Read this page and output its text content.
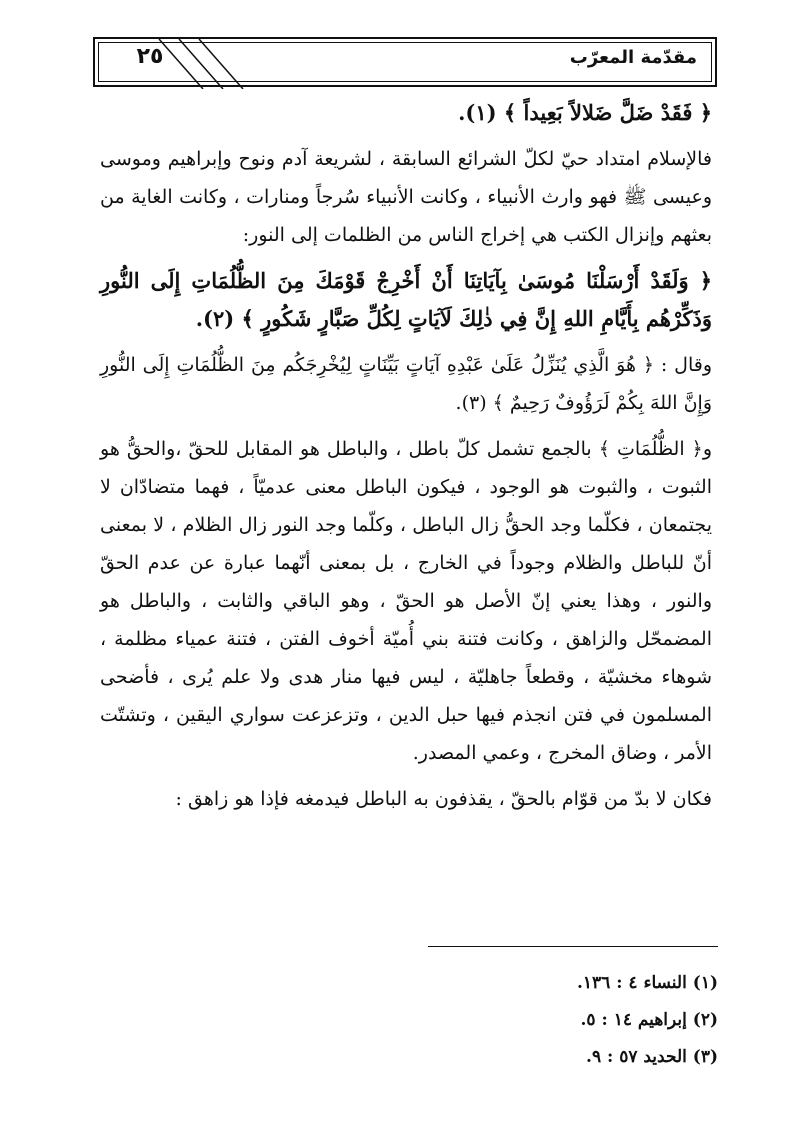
٢٥	مقدّمة المعرّب

﴿ فَقَدْ ضَلَّ ضَلالاً بَعِيداً ﴾ (١).

فالإسلام امتداد حيّ لكلّ الشرائع السابقة ، لشريعة آدم ونوح وإبراهيم وموسى وعيسى ﷺ فهو وارث الأنبياء ، وكانت الأنبياء سُرجاً ومنارات ، وكانت الغاية من بعثهم وإنزال الكتب هي إخراج الناس من الظلمات إلى النور:

﴿ وَلَقَدْ أَرْسَلْنَا مُوسَىٰ بِآيَاتِنَا أَنْ أَخْرِجْ قَوْمَكَ مِنَ الظُّلُمَاتِ إِلَى النُّورِ وَذَكِّرْهُم بِأَيَّامِ اللهِ إِنَّ فِي ذٰلِكَ لَآيَاتٍ لِكُلِّ صَبَّارٍ شَكُورٍ ﴾ (٢).

وقال : ﴿ هُوَ الَّذِي يُنَزِّلُ عَلَىٰ عَبْدِهِ آيَاتٍ بَيِّنَاتٍ لِيُخْرِجَكُم مِنَ الظُّلُمَاتِ إِلَى النُّورِ وَإِنَّ اللهَ بِكُمْ لَرَؤُوفٌ رَحِيمٌ ﴾ (٣).

و﴿ الظُّلُمَاتِ ﴾ بالجمع تشمل كلّ باطل ، والباطل هو المقابل للحقّ ،والحقُّ هو الثبوت ، والثبوت هو الوجود ، فيكون الباطل معنى عدميّاً ، فهما متضادّان لا يجتمعان ، فكلّما وجد الحقُّ زال الباطل ، وكلّما وجد النور زال الظلام ، لا بمعنى أنّ للباطل والظلام وجوداً في الخارج ، بل بمعنى أنّهما عبارة عن عدم الحقّ والنور ، وهذا يعني إنّ الأصل هو الحقّ ، وهو الباقي والثابت ، والباطل هو المضمحّل والزاهق ، وكانت فتنة بني أُميّة أخوف الفتن ، فتنة عمياء مظلمة ، شوهاء مخشيّة ، وقطعاً جاهليّة ، ليس فيها منار هدى ولا علم يُرى ، فأضحى المسلمون في فتن انجذم فيها حبل الدين ، وتزعزعت سواري اليقين ، وتشتّت الأمر ، وضاق المخرج ، وعمي المصدر.

فكان لا بدّ من قوّام بالحقّ ، يقذفون به الباطل فيدمغه فإذا هو زاهق :

(١) النساء ٤ : ١٣٦.

(٢) إبراهيم ١٤ : ٥.

(٣) الحديد ٥٧ : ٩.
